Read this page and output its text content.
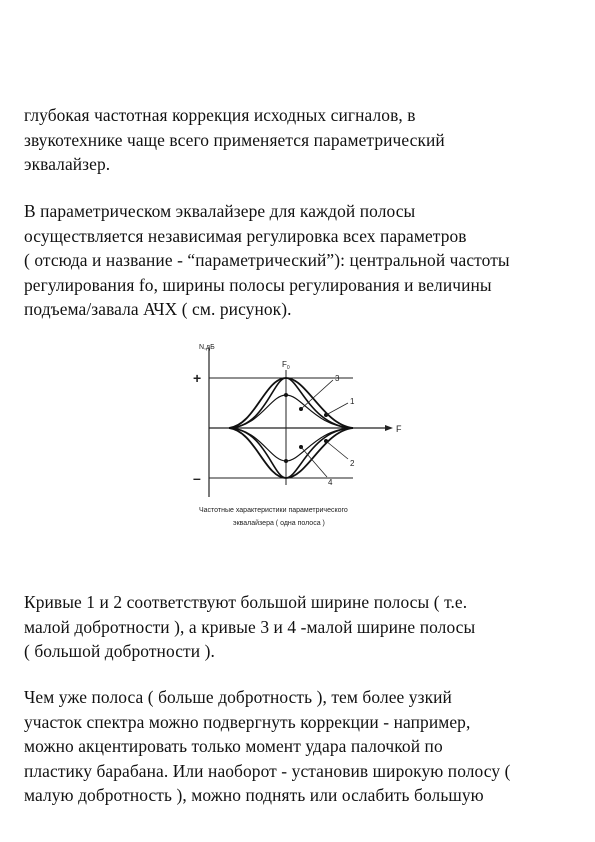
глубокая частотная коррекция исходных сигналов, в
звукотехнике чаще всего применяется параметрический
эквалайзер.

В параметрическом эквалайзере для каждой полосы
осуществляется независимая регулировка всех параметров
( отсюда и название - “параметрический”): центральной частоты
регулирования fo, ширины полосы регулирования и величины
подъема/завала АЧХ ( см. рисунок).

N,дБ
F
+
–
$F_0$
3
1
2
4
Частотные характеристики параметрического
эквалайзера ( одна полоса )

Кривые 1 и 2 соответствуют большой ширине полосы ( т.е.
малой добротности ), а кривые 3 и 4 -малой ширине полосы
( большой добротности ).

Чем уже полоса ( больше добротность ), тем более узкий
участок спектра можно подвергнуть коррекции - например,
можно акцентировать только момент удара палочкой по
пластику барабана. Или наоборот - установив широкую полосу (
малую добротность ), можно поднять или ослабить большую
